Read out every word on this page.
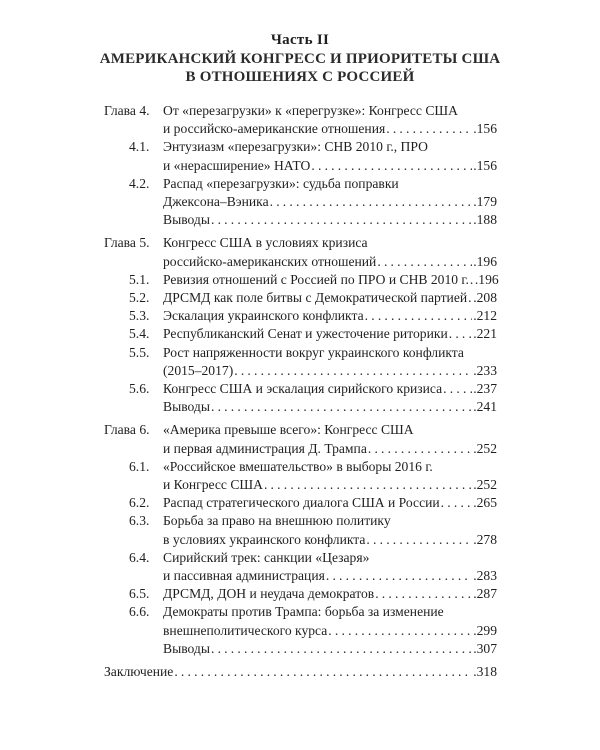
Часть II
АМЕРИКАНСКИЙ КОНГРЕСС И ПРИОРИТЕТЫ США
В ОТНОШЕНИЯХ С РОССИЕЙ
Глава 4. От «перезагрузки» к «перегрузке»: Конгресс США
и российско-американские отношения .....	.156
4.1. Энтузиазм «перезагрузки»: СНВ 2010 г., ПРО
и «нерасширение» НАТО .....	.156
4.2. Распад «перезагрузки»: судьба поправки
Джексона–Вэника .....	.179
Выводы .....	.188
Глава 5. Конгресс США в условиях кризиса
российско-американских отношений .....	.196
5.1. Ревизия отношений с Россией по ПРО и СНВ 2010 г. ..... .196
5.2. ДРСМД как поле битвы с Демократической партией ..... .208
5.3. Эскалация украинского конфликта .....	.212
5.4. Республиканский Сенат и ужесточение риторики ..... .221
5.5. Рост напряженности вокруг украинского конфликта
(2015–2017) .....	.233
5.6. Конгресс США и эскалация сирийского кризиса ..... .237
Выводы .....	.241
Глава 6. «Америка превыше всего»: Конгресс США
и первая администрация Д. Трампа .....	.252
6.1. «Российское вмешательство» в выборы 2016 г.
и Конгресс США .....	.252
6.2. Распад стратегического диалога США и России ..... .265
6.3. Борьба за право на внешнюю политику
в условиях украинского конфликта .....	.278
6.4. Сирийский трек: санкции «Цезаря»
и пассивная администрация .....	.283
6.5. ДРСМД, ДОН и неудача демократов .....	.287
6.6. Демократы против Трампа: борьба за изменение
внешнеполитического курса .....	.299
Выводы .....	.307
Заключение .....	.318
